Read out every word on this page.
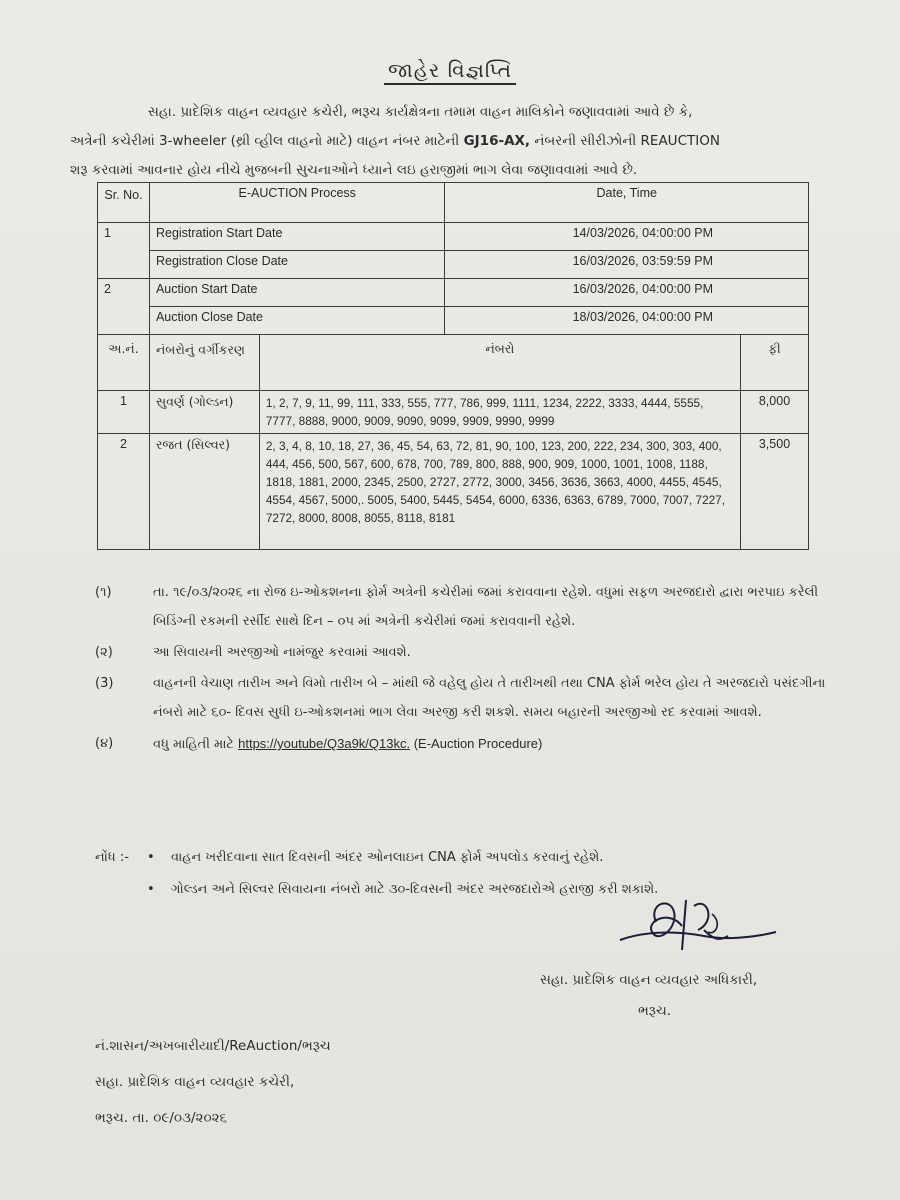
જાહેર વિજ્ઞપ્તિ

સહા. પ્રાદેશિક વાહન વ્યવહાર કચેરી, ભરૂચ કાર્યક્ષેત્રના તમામ વાહન માલિકોને જણાવવામાં આવે છે કે,

અત્રેની કચેરીમાં 3-wheeler (થ્રી વ્હીલ વાહનો માટે) વાહન નંબર માટેની GJ16-AX, નંબરની સીરીઝોની REAUCTION

શરૂ કરવામાં આવનાર હોય નીચે મુજબની સુચનાઓને ધ્યાને લઇ હરાજીમાં ભાગ લેવા જણાવવામાં આવે છે.

Sr. No.	E-AUCTION Process		Date, Time	
1	Registration Start Date		14/03/2026, 04:00:00 PM	
	Registration Close Date		16/03/2026, 03:59:59 PM	
2	Auction Start Date		16/03/2026, 04:00:00 PM	
	Auction Close Date		18/03/2026, 04:00:00 PM	
અ.નં.	નંબરોનું વર્ગીકરણ	નંબરો		ફી
1	સુવર્ણ (ગોલ્ડન)	1, 2, 7, 9, 11, 99, 111, 333, 555, 777, 786, 999, 1111, 1234, 2222, 3333, 4444, 5555, 7777, 8888, 9000, 9009, 9090, 9099, 9909, 9990, 9999		8,000
2	રજત (સિલ્વર)	2, 3, 4, 8, 10, 18, 27, 36, 45, 54, 63, 72, 81, 90, 100, 123, 200, 222, 234, 300, 303, 400, 444, 456, 500, 567, 600, 678, 700, 789, 800, 888, 900, 909, 1000, 1001, 1008, 1188, 1818, 1881, 2000, 2345, 2500, 2727, 2772, 3000, 3456, 3636, 3663, 4000, 4455, 4545, 4554, 4567, 5000,. 5005, 5400, 5445, 5454, 6000, 6336, 6363, 6789, 7000, 7007, 7227, 7272, 8000, 8008, 8055, 8118, 8181		3,500
(૧)	તા. ૧૯/૦૩/૨૦૨૬ ના રોજ ઇ-ઓકશનના ફોર્મ અત્રેની કચેરીમાં જમાં કરાવવાના રહેશે. વધુમાં સફળ અરજદારો દ્વારા ભરપાઇ કરેલી બિડિંગ્ની રકમની રર્સીદ સાથે દિન – ૦૫ માં અત્રેની કચેરીમાં જમાં કરાવવાની રહેશે.
(૨)	આ સિવાયની અરજીઓ નામંજુર કરવામાં આવશે.
(3)	વાહનની વેચાણ તારીખ અને વિમો તારીખ બે – માંથી જે વહેલુ હોય તે તારીખથી તથા CNA ફોર્મ ભરેલ હોય તે અરજદારો પસંદગીના નંબરો માટે ૬૦- દિવસ સુધી ઇ-ઓકશનમાં ભાગ લેવા અરજી કરી શકશે. સમય બહારની અરજીઓ રદ કરવામાં આવશે.
(૪)	વધુ માહિતી માટે https://youtube/Q3a9k/Q13kc. (E-Auction Procedure)
નોંધ :- • વાહન ખરીદવાના સાત દિવસની અંદર ઓનલાઇન CNA ફોર્મ અપલોડ કરવાનું રહેશે.
• ગોલ્ડન અને સિલ્વર સિવાયના નંબરો માટે ૩૦-દિવસની અંદર અરજદારોએ હરાજી કરી શકાશે.
સહા. પ્રાદેશિક વાહન વ્યવહાર અધિકારી,
ભરૂચ.
નં.શાસન/અખબારીયાદી/ReAuction/ભરૂચ
સહા. પ્રાદેશિક વાહન વ્યવહાર કચેરી,
ભરૂચ. તા. ૦૯/૦૩/૨૦૨૬
